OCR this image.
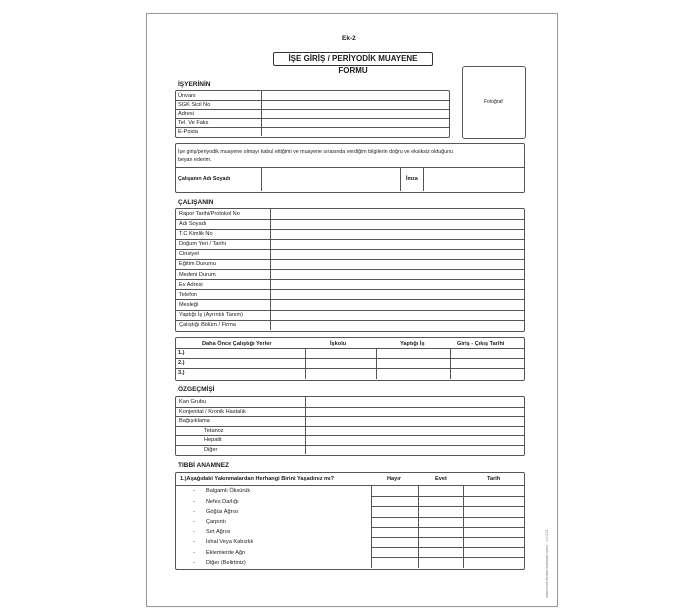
Ek-2
İŞE GİRİŞ / PERİYODİK MUAYENE FORMU
Fotoğraf
İŞYERİNİN
İşe giriş/periyodik muayene olmayı kabul ettiğimi ve muayene sırasında verdiğim bilgilerin doğru ve eksiksiz olduğunu
beyan ederim.
Çalışanın Adı Soyadı	İmza
ÇALIŞANIN
Daha Önce Çalıştığı Yerler	İşkolu	Yaptığı İş	Giriş - Çıkış Tarihi
ÖZGEÇMİŞİ
TIBBİ ANAMNEZ
1.)Aşağıdaki Yakınmalardan Herhangi Birini Yaşadınız mı?	Hayır	Evet	Tarih
www.ornek-formlar-matbaasi.com.tr · 0-0-212
Ünvanı
SGK Sicil No
Adresi
Tel. Ve Faks
E-Posta
Rapor Tarihi/Protokol No
Adı Soyadı
T.C Kimlik No
Doğum Yeri / Tarihi
Cinsiyet
Eğitim Durumu
Medeni Durum
Ev Adresi
Telefon
Mesleği
Yaptığı İş (Ayrıntılı Tanım)
Çalıştığı Bölüm / Firma
1.)
2.)
3.)
Kan Grubu
Konjenital / Kronik Hastalık
Bağışıklama
Tetanoz
Hepatit
Diğer
- Balgamlı Öksürük
- Nefes Darlığı
- Göğüs Ağrısı
- Çarpıntı
- Sırt Ağrısı
- İshal Veya Kabızlık
- Eklemlerde Ağrı
- Diğer (Belirtiniz)
